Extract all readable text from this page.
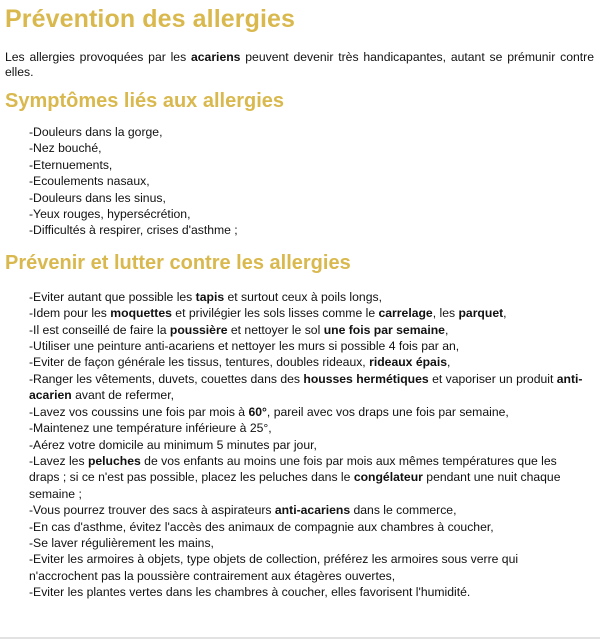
Prévention des allergies

Les allergies provoquées par les acariens peuvent devenir très handicapantes, autant se prémunir contre elles.

Symptômes liés aux allergies
-Douleurs dans la gorge,
-Nez bouché,
-Eternuements,
-Ecoulements nasaux,
-Douleurs dans les sinus,
-Yeux rouges, hypersécrétion,
-Difficultés à respirer, crises d'asthme ;
Prévenir et lutter contre les allergies
-Eviter autant que possible les tapis et surtout ceux à poils longs,
-Idem pour les moquettes et privilégier les sols lisses comme le carrelage, les parquet,
-Il est conseillé de faire la poussière et nettoyer le sol une fois par semaine,
-Utiliser une peinture anti-acariens et nettoyer les murs si possible 4 fois par an,
-Eviter de façon générale les tissus, tentures, doubles rideaux, rideaux épais,
-Ranger les vêtements, duvets, couettes dans des housses hermétiques et vaporiser un produit anti-acarien avant de refermer,
-Lavez vos coussins une fois par mois à 60°, pareil avec vos draps une fois par semaine,
-Maintenez une température inférieure à 25°,
-Aérez votre domicile au minimum 5 minutes par jour,
-Lavez les peluches de vos enfants au moins une fois par mois aux mêmes températures que les draps ; si ce n'est pas possible, placez les peluches dans le congélateur pendant une nuit chaque semaine ;
-Vous pourrez trouver des sacs à aspirateurs anti-acariens dans le commerce,
-En cas d'asthme, évitez l'accès des animaux de compagnie aux chambres à coucher,
-Se laver régulièrement les mains,
-Eviter les armoires à objets, type objets de collection, préférez les armoires sous verre qui n'accrochent pas la poussière contrairement aux étagères ouvertes,
-Eviter les plantes vertes dans les chambres à coucher, elles favorisent l'humidité.
